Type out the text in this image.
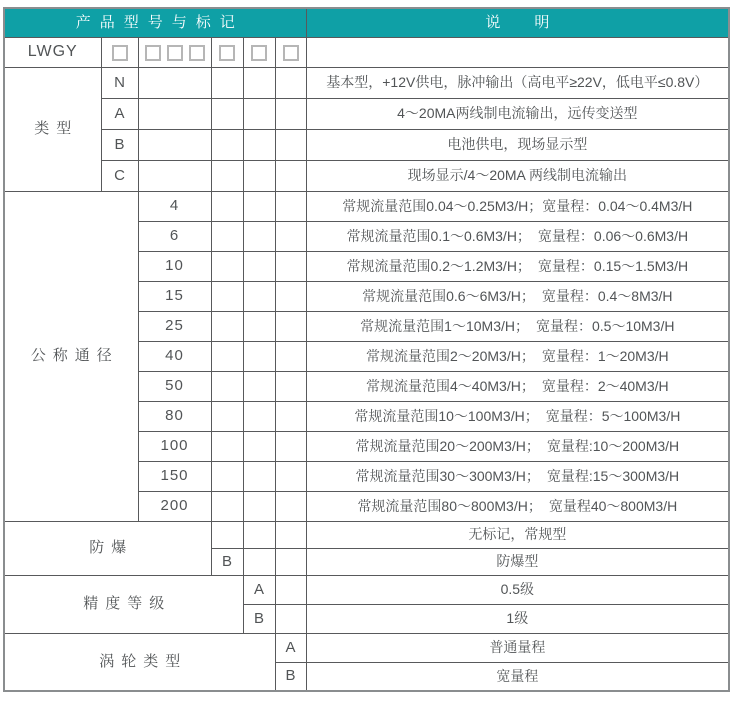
产品型号与标记						说明
LWGY						
类型	N					基本型，+12V供电，脉冲输出（高电平≥22V，低电平≤0.8V）
	A					4～20MA两线制电流输出，远传变送型
	B					电池供电，现场显示型
	C					现场显示/4～20MA 两线制电流输出
公称通径		4				常规流量范围0.04～0.25M3/H；宽量程：0.04～0.4M3/H
		6				常规流量范围0.1～0.6M3/H；　宽量程：0.06～0.6M3/H
		10				常规流量范围0.2～1.2M3/H；　宽量程：0.15～1.5M3/H
		15				常规流量范围0.6～6M3/H；　宽量程：0.4～8M3/H
		25				常规流量范围1～10M3/H；　宽量程：0.5～10M3/H
		40				常规流量范围2～20M3/H；　宽量程：1～20M3/H
		50				常规流量范围4～40M3/H；　宽量程：2～40M3/H
		80				常规流量范围10～100M3/H；　宽量程：5～100M3/H
		100				常规流量范围20～200M3/H；　宽量程:10～200M3/H
		150				常规流量范围30～300M3/H；　宽量程:15～300M3/H
		200				常规流量范围80～800M3/H；　宽量程40～800M3/H
防爆						无标记，常规型
			B			防爆型
精度等级				A		0.5级
				B		1级
涡轮类型					A	普通量程
					B	宽量程
